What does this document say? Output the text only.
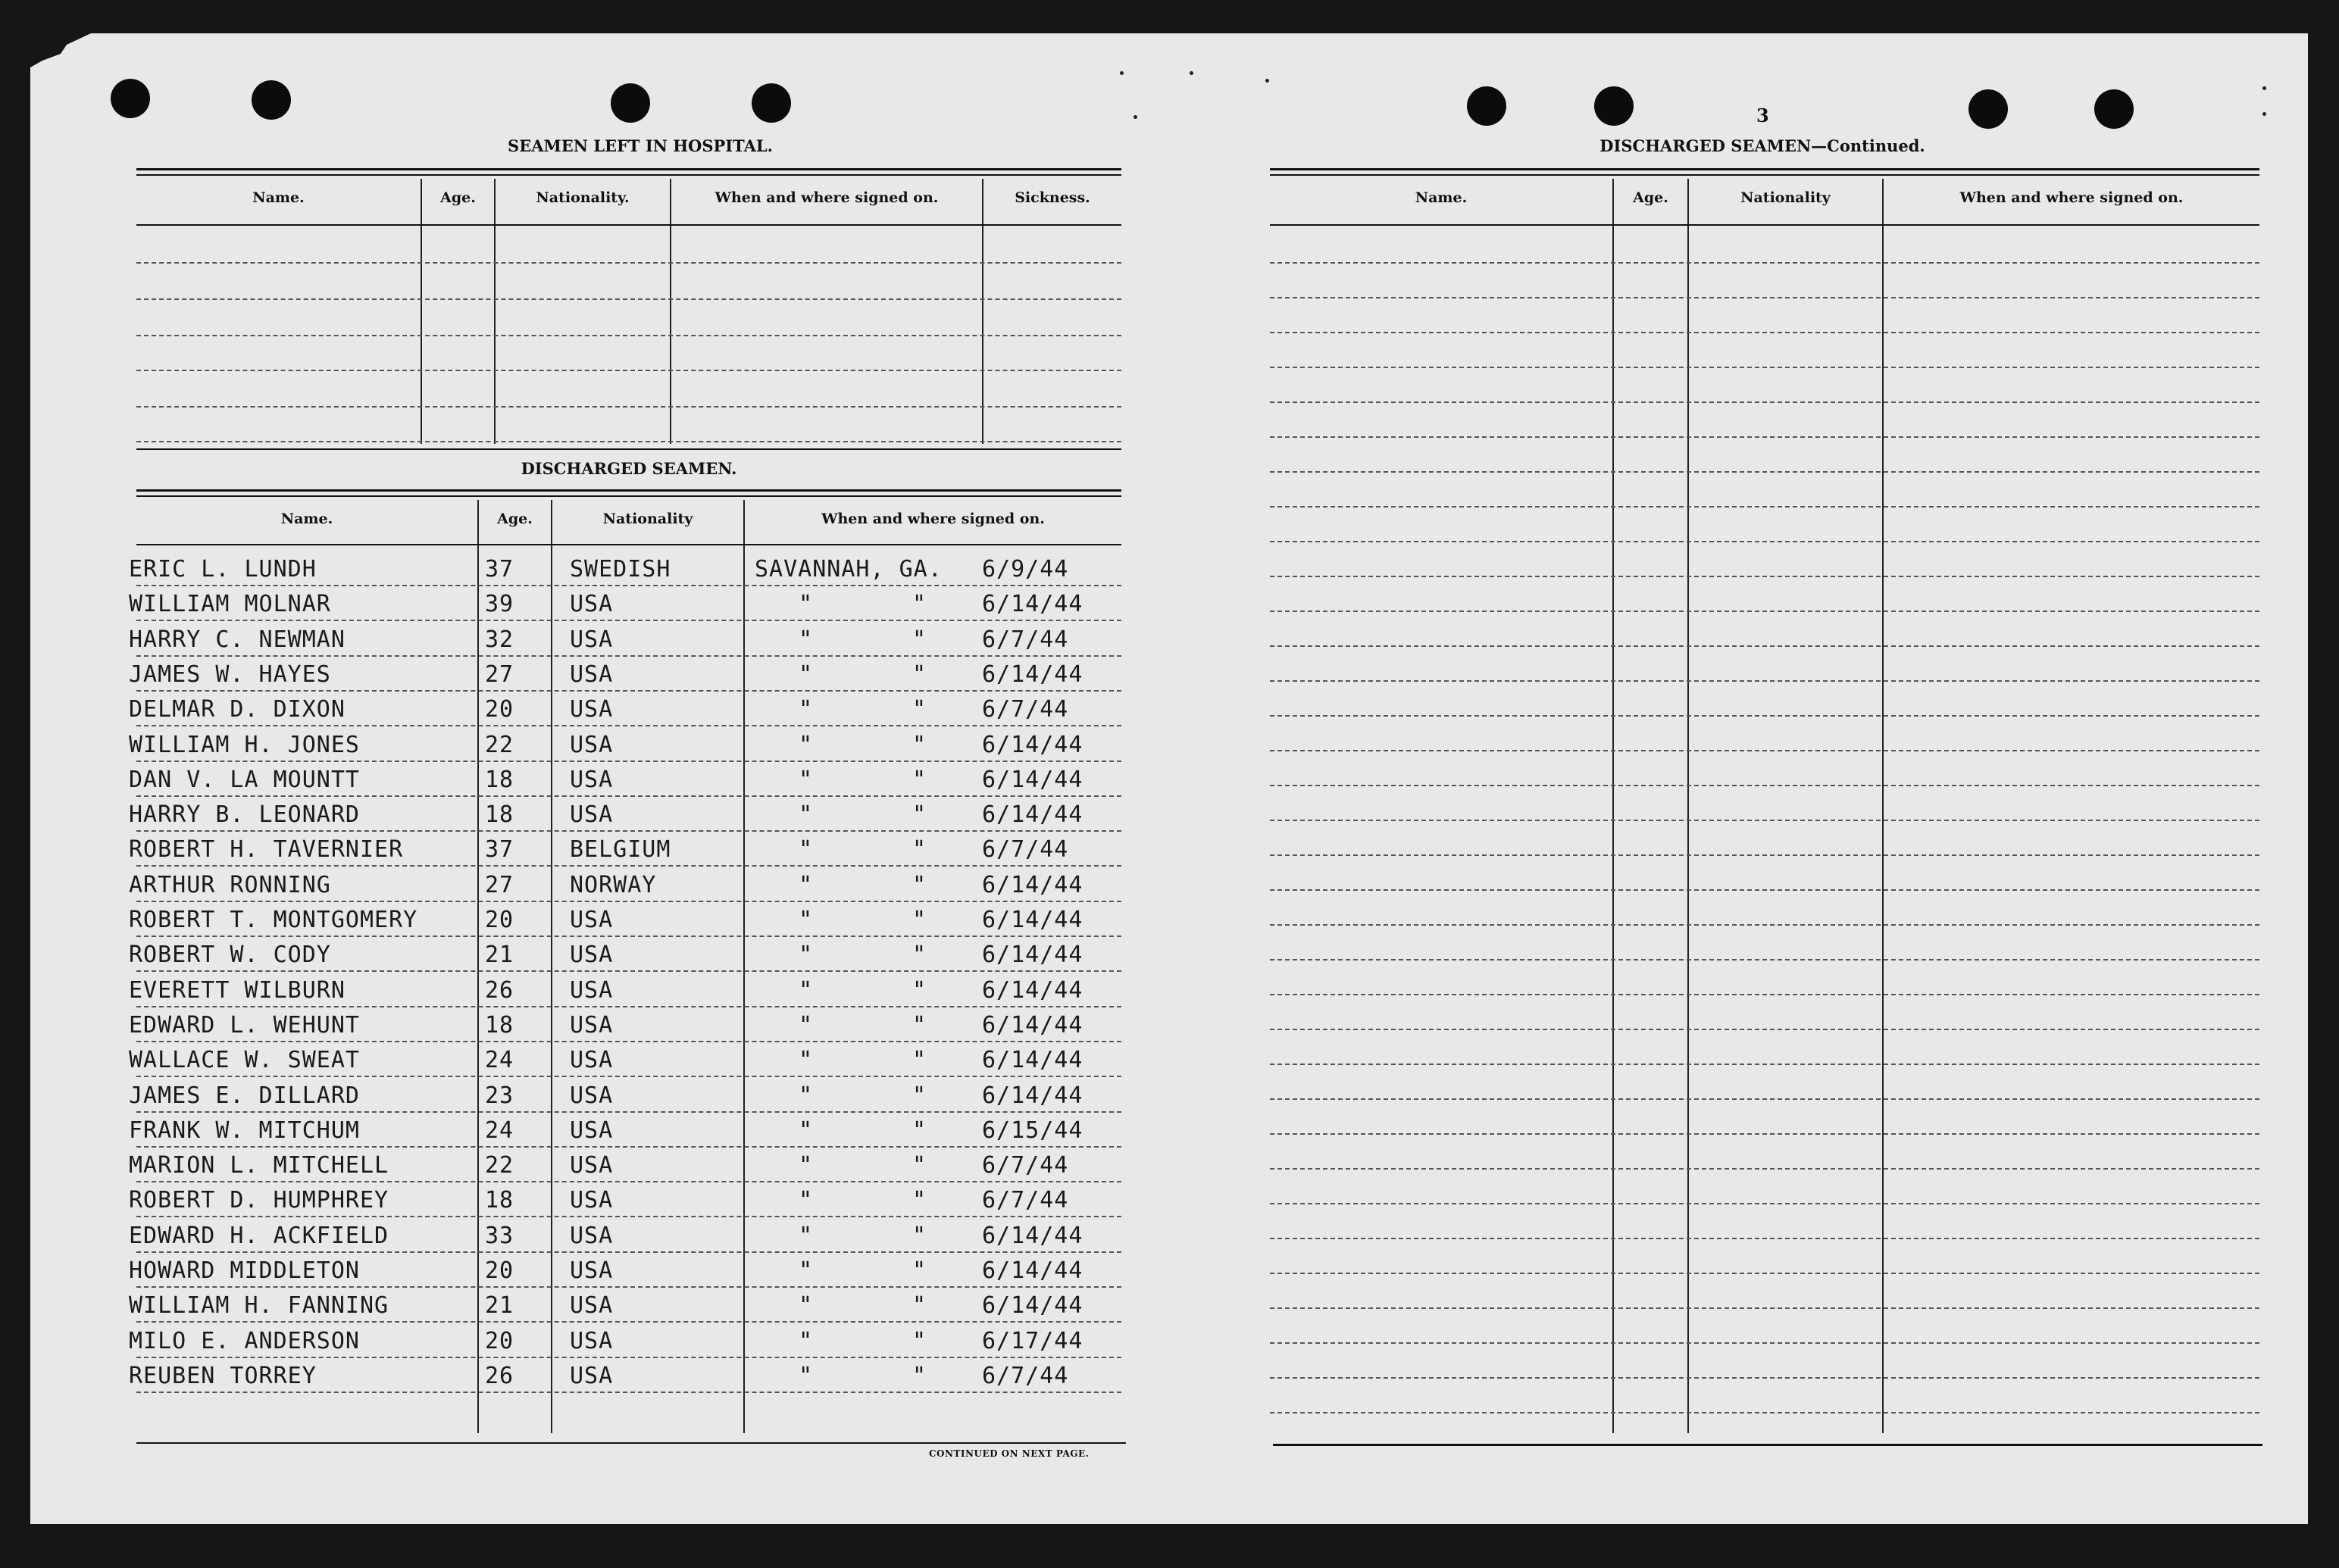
3
SEAMEN LEFT IN HOSPITAL.
Name.	Age.	Nationality.	When and where signed on.	Sickness.
DISCHARGED SEAMEN.
Name.	Age.	Nationality	When and where signed on.
ERIC L. LUNDH	37 SWEDISH	SAVANNAH, GA. 6/9/44
WILLIAM MOLNAR	39 USA	"	" 6/14/44
HARRY C. NEWMAN	32 USA	"	" 6/7/44
JAMES W. HAYES	27 USA	"	" 6/14/44
DELMAR D. DIXON	20 USA	"	" 6/7/44
WILLIAM H. JONES	22 USA	"	" 6/14/44
DAN V. LA MOUNTT	18 USA	"	" 6/14/44
HARRY B. LEONARD	18 USA	"	" 6/14/44
ROBERT H. TAVERNIER	37 BELGIUM	"	" 6/7/44
ARTHUR RONNING	27 NORWAY	"	" 6/14/44
ROBERT T. MONTGOMERY	20 USA	"	" 6/14/44
ROBERT W. CODY	21 USA	"	" 6/14/44
EVERETT WILBURN	26 USA	"	" 6/14/44
EDWARD L. WEHUNT	18 USA	"	" 6/14/44
WALLACE W. SWEAT	24 USA	"	" 6/14/44
JAMES E. DILLARD	23 USA	"	" 6/14/44
FRANK W. MITCHUM	24 USA	"	" 6/15/44
MARION L. MITCHELL	22 USA	"	" 6/7/44
ROBERT D. HUMPHREY	18 USA	"	" 6/7/44
EDWARD H. ACKFIELD	33 USA	"	" 6/14/44
HOWARD MIDDLETON	20 USA	"	" 6/14/44
WILLIAM H. FANNING	21 USA	"	" 6/14/44
MILO E. ANDERSON	20 USA	"	" 6/17/44
REUBEN TORREY	26 USA	"	" 6/7/44
CONTINUED ON NEXT PAGE.
DISCHARGED SEAMEN—Continued.
Name.	Age.	Nationality	When and where signed on.
